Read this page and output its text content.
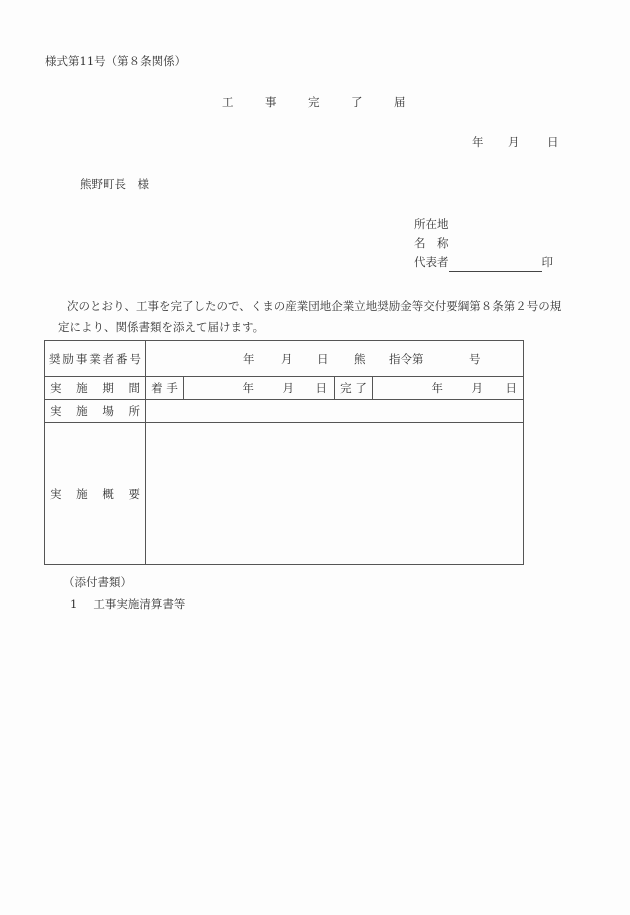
様式第11号（第８条関係）
工	事	完	了	届
年 月 日
熊野町長　様
所在地
名　称
代表者	印
次のとおり、工事を完了したので、くまの産業団地企業立地奨励金等交付要綱第８条第２号の規
定により、関係書類を添えて届けます。
奨 励 事 業 者 番 号	年 月 日 熊 指令第	号

実 施 期 間	着 手	年	月	日	完 了	年	月	日

実 施 場 所	

実 施 概 要	

（添付書類）
1 工事実施清算書等
